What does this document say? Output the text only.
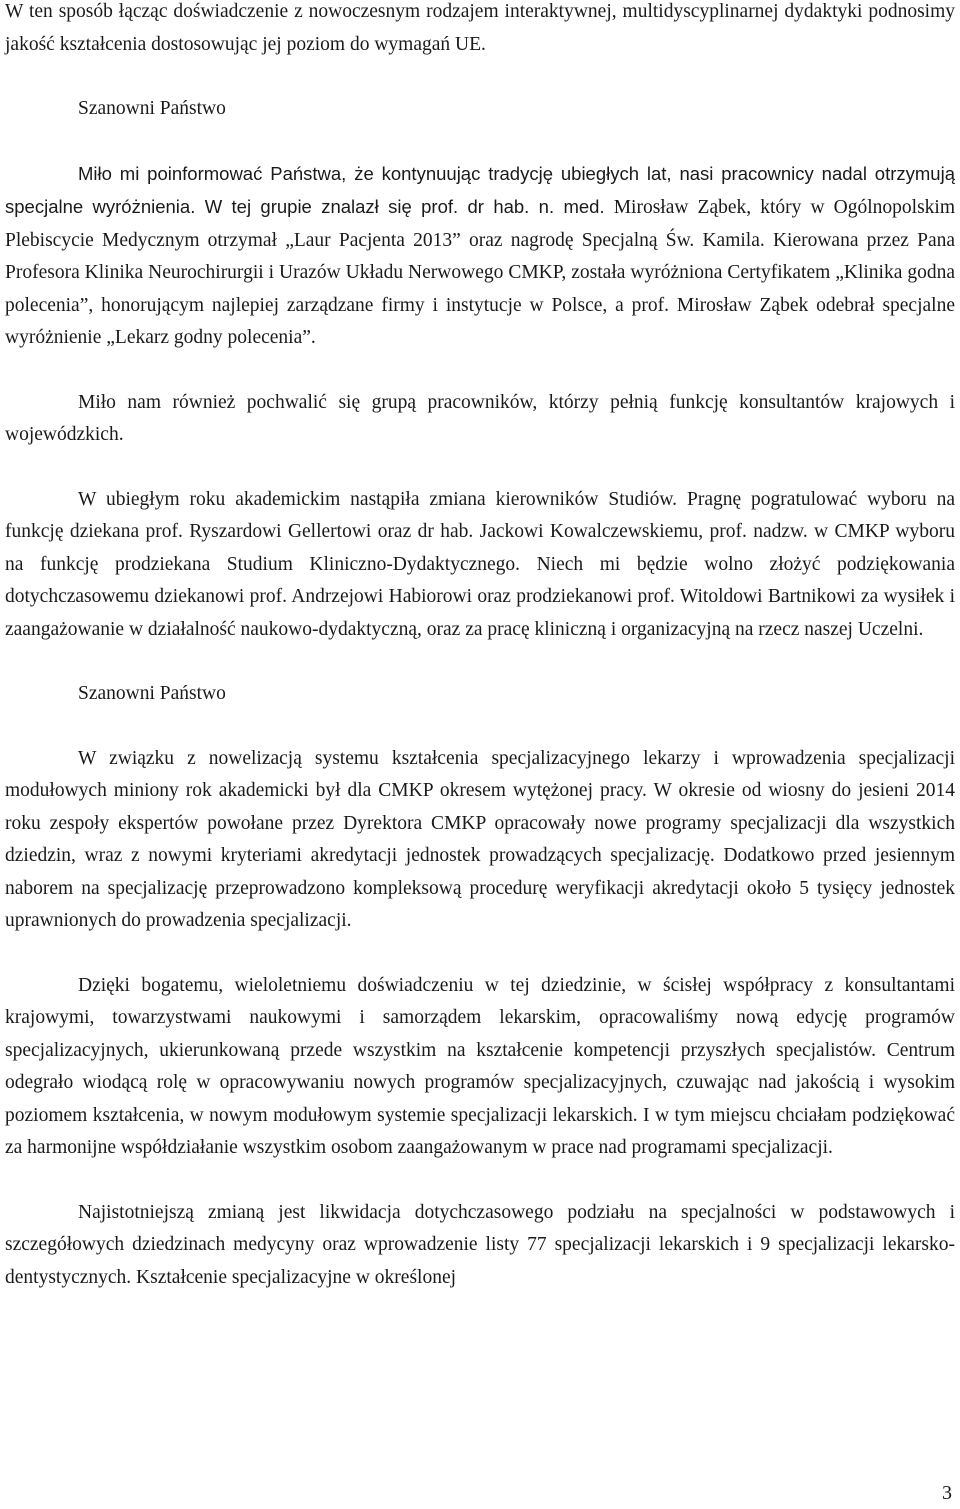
W ten sposób łącząc doświadczenie z nowoczesnym rodzajem interaktywnej, multidyscyplinarnej dydaktyki podnosimy jakość kształcenia dostosowując jej poziom do wymagań UE.

Szanowni Państwo

Miło mi poinformować Państwa, że kontynuując tradycję ubiegłych lat, nasi pracownicy nadal otrzymują specjalne wyróżnienia. W tej grupie znalazł się prof. dr hab. n. med. Mirosław Ząbek, który w Ogólnopolskim Plebiscycie Medycznym otrzymał „Laur Pacjenta 2013” oraz nagrodę Specjalną Św. Kamila. Kierowana przez Pana Profesora Klinika Neurochirurgii i Urazów Układu Nerwowego CMKP, została wyróżniona Certyfikatem „Klinika godna polecenia”, honorującym najlepiej zarządzane firmy i instytucje w Polsce, a prof. Mirosław Ząbek odebrał specjalne wyróżnienie „Lekarz godny polecenia”.

Miło nam również pochwalić się grupą pracowników, którzy pełnią funkcję konsultantów krajowych i wojewódzkich.

W ubiegłym roku akademickim nastąpiła zmiana kierowników Studiów. Pragnę pogratulować wyboru na funkcję dziekana prof. Ryszardowi Gellertowi oraz dr hab. Jackowi Kowalczewskiemu, prof. nadzw. w CMKP wyboru na funkcję prodziekana Studium Kliniczno-Dydaktycznego. Niech mi będzie wolno złożyć podziękowania dotychczasowemu dziekanowi prof. Andrzejowi Habiorowi oraz prodziekanowi prof. Witoldowi Bartnikowi za wysiłek i zaangażowanie w działalność naukowo-dydaktyczną, oraz za pracę kliniczną i organizacyjną na rzecz naszej Uczelni.

Szanowni Państwo

W związku z nowelizacją systemu kształcenia specjalizacyjnego lekarzy i wprowadzenia specjalizacji modułowych miniony rok akademicki był dla CMKP okresem wytężonej pracy. W okresie od wiosny do jesieni 2014 roku zespoły ekspertów powołane przez Dyrektora CMKP opracowały nowe programy specjalizacji dla wszystkich dziedzin, wraz z nowymi kryteriami akredytacji jednostek prowadzących specjalizację. Dodatkowo przed jesiennym naborem na specjalizację przeprowadzono kompleksową procedurę weryfikacji akredytacji około 5 tysięcy jednostek uprawnionych do prowadzenia specjalizacji.

Dzięki bogatemu, wieloletniemu doświadczeniu w tej dziedzinie, w ścisłej współpracy z konsultantami krajowymi, towarzystwami naukowymi i samorządem lekarskim, opracowaliśmy nową edycję programów specjalizacyjnych, ukierunkowaną przede wszystkim na kształcenie kompetencji przyszłych specjalistów. Centrum odegrało wiodącą rolę w opracowywaniu nowych programów specjalizacyjnych, czuwając nad jakością i wysokim poziomem kształcenia, w nowym modułowym systemie specjalizacji lekarskich. I w tym miejscu chciałam podziękować za harmonijne współdziałanie wszystkim osobom zaangażowanym w prace nad programami specjalizacji.

Najistotniejszą zmianą jest likwidacja dotychczasowego podziału na specjalności w podstawowych i szczegółowych dziedzinach medycyny oraz wprowadzenie listy 77 specjalizacji lekarskich i 9 specjalizacji lekarsko-dentystycznych. Kształcenie specjalizacyjne w określonej

3
